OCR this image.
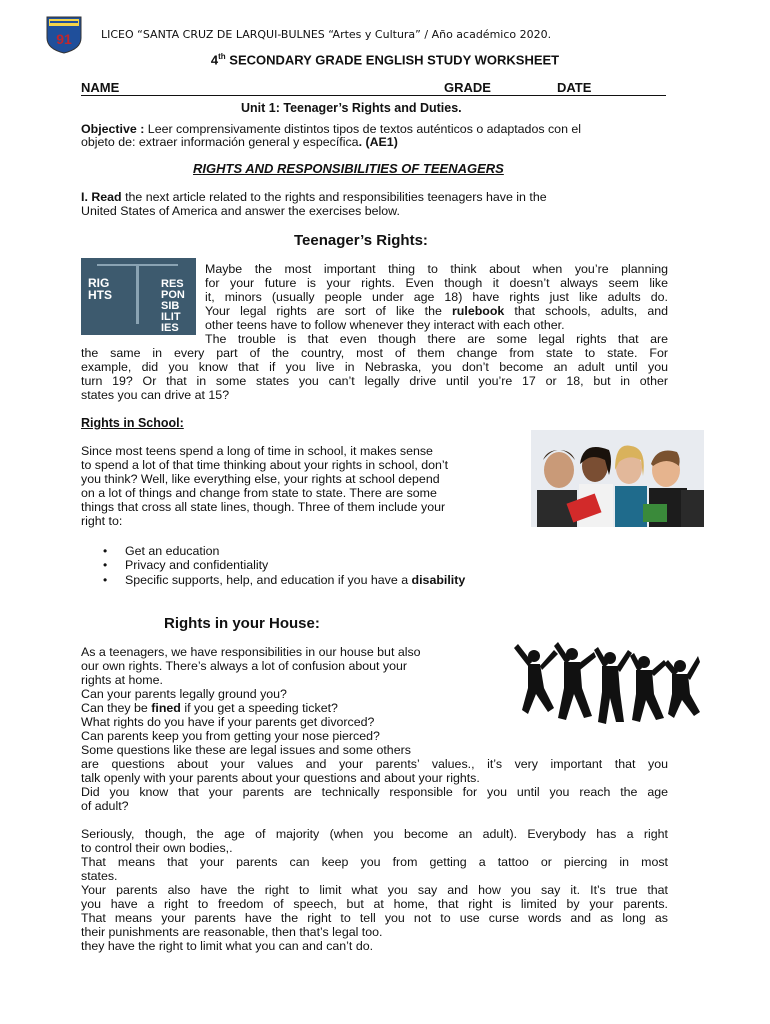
91	LICEO “SANTA CRUZ DE LARQUI-BULNES “Artes y Cultura” / Año académico 2020.
4th SECONDARY GRADE ENGLISH STUDY WORKSHEET
NAME	GRADE	DATE
Unit 1: Teenager’s Rights and Duties.
Objective : Leer comprensivamente distintos tipos de textos auténticos o adaptados con el
objeto de: extraer información general y específica. (AE1)
RIGHTS AND RESPONSIBILITIES OF TEENAGERS
I. Read the next article related to the rights and responsibilities teenagers have in the
United States of America and answer the exercises below.
Teenager’s Rights:
RIG
HTS
RES
PON
SIB
ILIT
IES
Maybe the most important thing to think about when you’re planning
for your future is your rights. Even though it doesn’t always seem like
it, minors (usually people under age 18) have rights just like adults do.
Your legal rights are sort of like the rulebook that schools, adults, and
other teens have to follow whenever they interact with each other.
The trouble is that even though there are some legal rights that are
the same in every part of the country, most of them change from state to state. For
example, did you know that if you live in Nebraska, you don’t become an adult until you
turn 19? Or that in some states you can’t legally drive until you’re 17 or 18, but in other
states you can drive at 15?
Rights in School:
Since most teens spend a long of time in school, it makes sense
to spend a lot of that time thinking about your rights in school, don’t
you think? Well, like everything else, your rights at school depend
on a lot of things and change from state to state. There are some
things that cross all state lines, though. Three of them include your
right to:
• Get an education
• Privacy and confidentiality
• Specific supports, help, and education if you have a disability
Rights in your House:
As a teenagers, we have responsibilities in our house but also
our own rights. There’s always a lot of confusion about your
rights at home.
Can your parents legally ground you?
Can they be fined if you get a speeding ticket?
What rights do you have if your parents get divorced?
Can parents keep you from getting your nose pierced?
Some questions like these are legal issues and some others
are questions about your values and your parents’ values., it’s very important that you
talk openly with your parents about your questions and about your rights.
Did you know that your parents are technically responsible for you until you reach the age
of adult?
Seriously, though, the age of majority (when you become an adult). Everybody has a right
to control their own bodies,.
That means that your parents can keep you from getting a tattoo or piercing in most
states.
Your parents also have the right to limit what you say and how you say it. It’s true that
you have a right to freedom of speech, but at home, that right is limited by your parents.
That means your parents have the right to tell you not to use curse words and as long as
their punishments are reasonable, then that’s legal too.
they have the right to limit what you can and can’t do.
